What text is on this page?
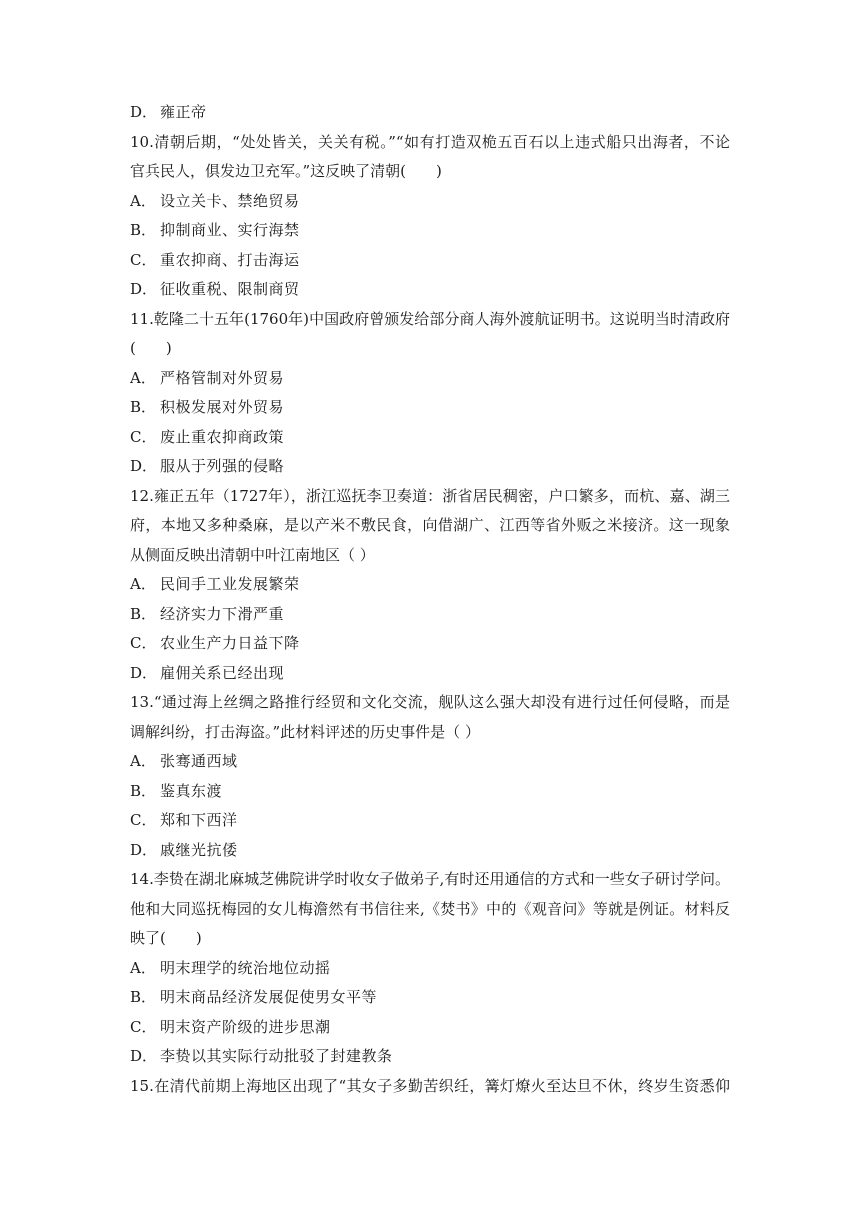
D． 雍正帝
10.清朝后期，“处处皆关，关关有税。”“如有打造双桅五百石以上违式船只出海者，不论
官兵民人，俱发边卫充军。”这反映了清朝(　　)
A． 设立关卡、禁绝贸易
B． 抑制商业、实行海禁
C． 重农抑商、打击海运
D． 征收重税、限制商贸
11.乾隆二十五年(1760年)中国政府曾颁发给部分商人海外渡航证明书。这说明当时清政府
(　　)
A． 严格管制对外贸易
B． 积极发展对外贸易
C． 废止重农抑商政策
D． 服从于列强的侵略
12.雍正五年（1727年），浙江巡抚李卫奏道：浙省居民稠密，户口繁多，而杭、嘉、湖三
府，本地又多种桑麻，是以产米不敷民食，向借湖广、江西等省外贩之米接济。这一现象
从侧面反映出清朝中叶江南地区（ ）
A． 民间手工业发展繁荣
B． 经济实力下滑严重
C． 农业生产力日益下降
D． 雇佣关系已经出现
13.“通过海上丝绸之路推行经贸和文化交流，舰队这么强大却没有进行过任何侵略，而是
调解纠纷，打击海盗。”此材料评述的历史事件是（ ）
A． 张骞通西域
B． 鉴真东渡
C． 郑和下西洋
D． 戚继光抗倭
14.李贽在湖北麻城芝佛院讲学时收女子做弟子,有时还用通信的方式和一些女子研讨学问。
他和大同巡抚梅园的女儿梅澹然有书信往来,《焚书》中的《观音问》等就是例证。材料反
映了(　　)
A． 明末理学的统治地位动摇
B． 明末商品经济发展促使男女平等
C． 明末资产阶级的进步思潮
D． 李贽以其实际行动批驳了封建教条
15.在清代前期上海地区出现了“其女子多勤苦织纴，篝灯燎火至达旦不休，终岁生资悉仰
